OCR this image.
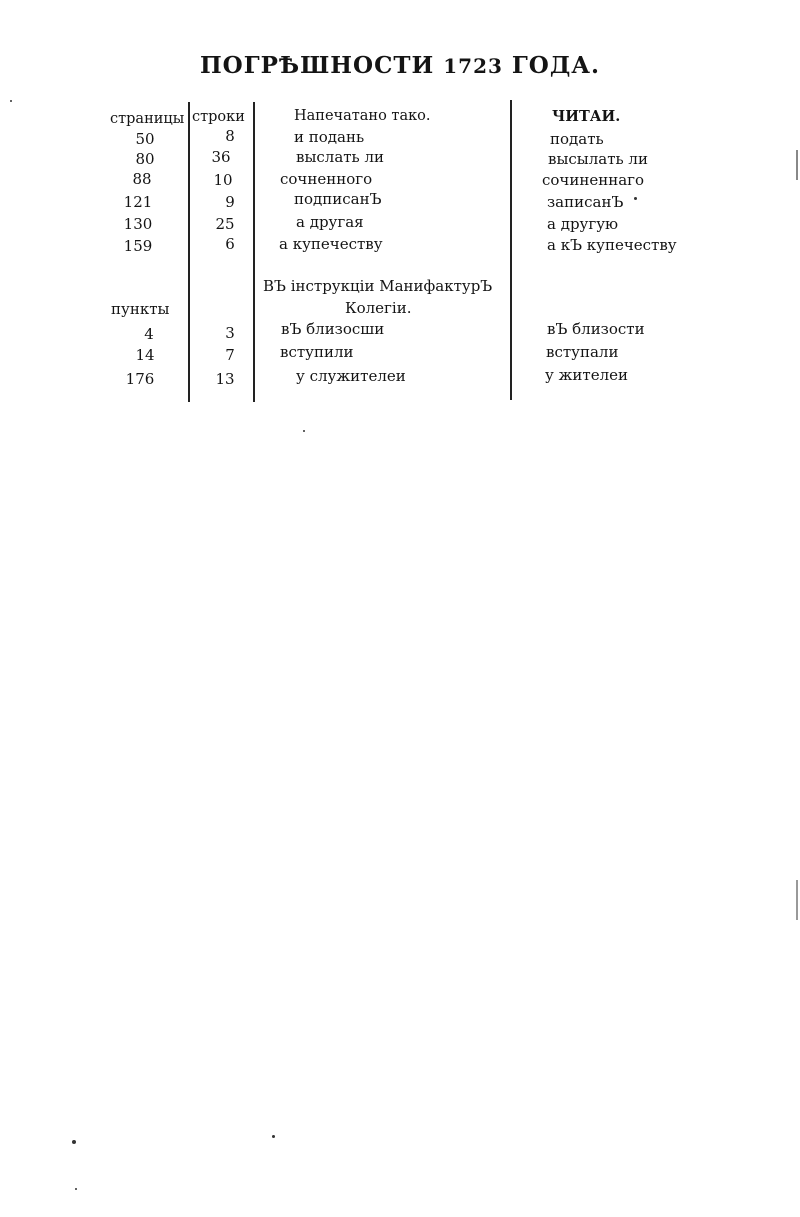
ПОГРѢШНОСТИ 1723 ГОДА.
страницы строки	Напечатано тако.	ЧИТАИ.
50	8	и подань	подать
80	36	выслать ли	высылать ли
88	10	сочненного	сочиненнаго
121	9	подписанЪ	записанЪ
130	25	а другая	а другую
159	6	а купечеству	а кЪ купечеству
ВЪ інструкціи МанифактурЪ
Колегіи.
пункты
4	3	вЪ близосши	вЪ близости
14	7	вступили	вступали
176	13	у служителеи	у жителеи
